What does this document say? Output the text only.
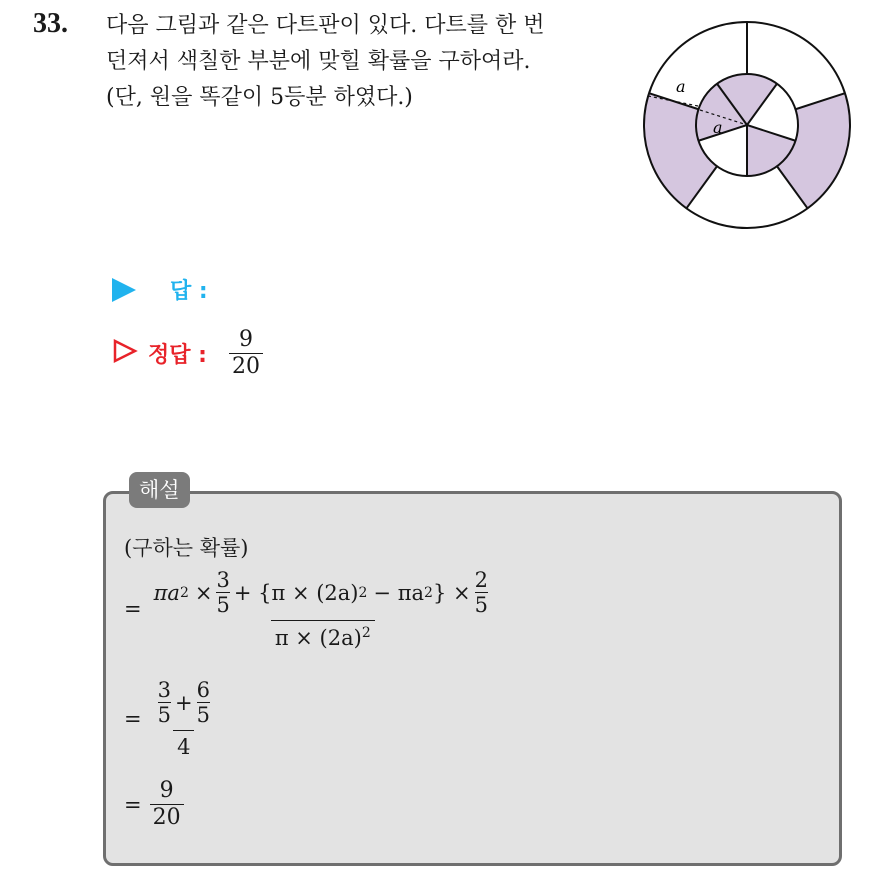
33. 다음 그림과 같은 다트판이 있다. 다트를 한 번
던져서 색칠한 부분에 맞힐 확률을 구하여라.
(단, 원을 똑같이 5등분 하였다.)	a
a
답 :
정답 : $\frac{9}{20}$
해설
(구하는 확률)
=
πa $2 \times \frac{3}{5} + \{\pi \times (2a) 2 - \pi a$ 2 } × $\frac{2}{5}$
$\pi \times (2a)^2$
= 3
5
+ $\frac{6}{5}$
4
= $\frac{9}{20}$
